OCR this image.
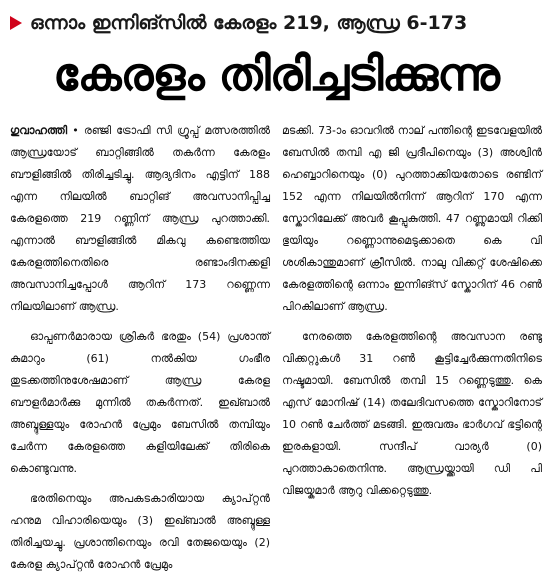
ഒന്നാം ഇന്നിങ്സിൽ കേരളം 219, ആന്ധ്ര 6-173
കേരളം തിരിച്ചടിക്കുന്നു

ഗുവാഹത്തി • രഞ്ജി ട്രോഫി സി ഗ്രൂപ്പ് മത്സരത്തിൽ ആന്ധ്രയോട് ബാറ്റിങ്ങിൽ തകർന്ന കേരളം ബൗളിങ്ങിൽ തിരിച്ചടിച്ചു. ആദ്യദിനം എട്ടിന് 188 എന്ന നിലയിൽ ബാറ്റിങ് അവസാനിപ്പിച്ച കേരളത്തെ 219 റണ്ണിന് ആന്ധ്ര പുറത്താക്കി. എന്നാൽ ബൗളിങ്ങിൽ മികവു കണ്ടെത്തിയ കേരളത്തിനെതിരെ രണ്ടാംദിനക്കളി അവസാനിച്ചപ്പോൾ ആറിന് 173 റണ്ണെന്ന നിലയിലാണ് ആന്ധ്ര.

ഓപ്പണർമാരായ ശ്രികർ ഭരതും (54) പ്രശാന്ത് കുമാറും (61) നൽകിയ ഗംഭീര തുടക്കത്തിനുശേഷമാണ് ആന്ധ്ര കേരള ബൗളർമാർക്കു മുന്നിൽ തകർന്നത്. ഇഖ്ബാൽ അബ്ദുള്ളയും രോഹൻ പ്രേമും ബേസിൽ തമ്പിയും ചേർന്ന കേരളത്തെ കളിയിലേക്ക് തിരികെ കൊണ്ടുവന്നു.

ഭരതിനെയും അപകടകാരിയായ ക്യാപ്റ്റൻ ഹനുമ വിഹാരിയെയും (3) ഇഖ്ബാൽ അബ്ദുള്ള തിരിച്ചയച്ചു. പ്രശാന്തിനെയും രവി തേജയെയും (2) കേരള ക്യാപ്റ്റൻ രോഹൻ പ്രേമും

മടക്കി. 73-ാം ഓവറിൽ നാല് പന്തിന്റെ ഇടവേളയിൽ ബേസിൽ തമ്പി എ ജി പ്രദീപിനെയും (3) അശ്വിൻ ഹെബ്ബാറിനെയും (0) പുറത്താക്കിയതോടെ രണ്ടിന് 152 എന്ന നിലയിൽനിന്ന് ആറിന് 170 എന്ന സ്കോറിലേക്ക് അവർ കൂപ്പുകുത്തി. 47 റണ്ണുമായി റിക്കി ഭുയിയും റണ്ണൊന്നുമെടുക്കാതെ കെ വി ശശികാന്തുമാണ് ക്രീസിൽ. നാലു വിക്കറ്റ് ശേഷിക്കെ കേരളത്തിന്റെ ഒന്നാം ഇന്നിങ്സ് സ്കോറിന് 46 റൺ പിറകിലാണ് ആന്ധ്ര.

നേരത്തെ കേരളത്തിന്റെ അവസാന രണ്ടു വിക്കറ്റുകൾ 31 റൺ കൂട്ടിച്ചേർക്കുന്നതിനിടെ നഷ്ടമായി. ബേസിൽ തമ്പി 15 റണ്ണെടുത്തു. കെ എസ് മോനിഷ് (14) തലേദിവസത്തെ സ്കോറിനോട് 10 റൺ ചേർത്ത് മടങ്ങി. ഇരുവരും ഭാർഗവ് ഭട്ടിന്റെ ഇരകളായി. സന്ദീപ് വാര്യർ (0) പുറത്താകാതെനിന്നു. ആന്ധ്രയ്ക്കായി ഡി പി വിജയ്കുമാർ ആറു വിക്കറ്റെടുത്തു.
